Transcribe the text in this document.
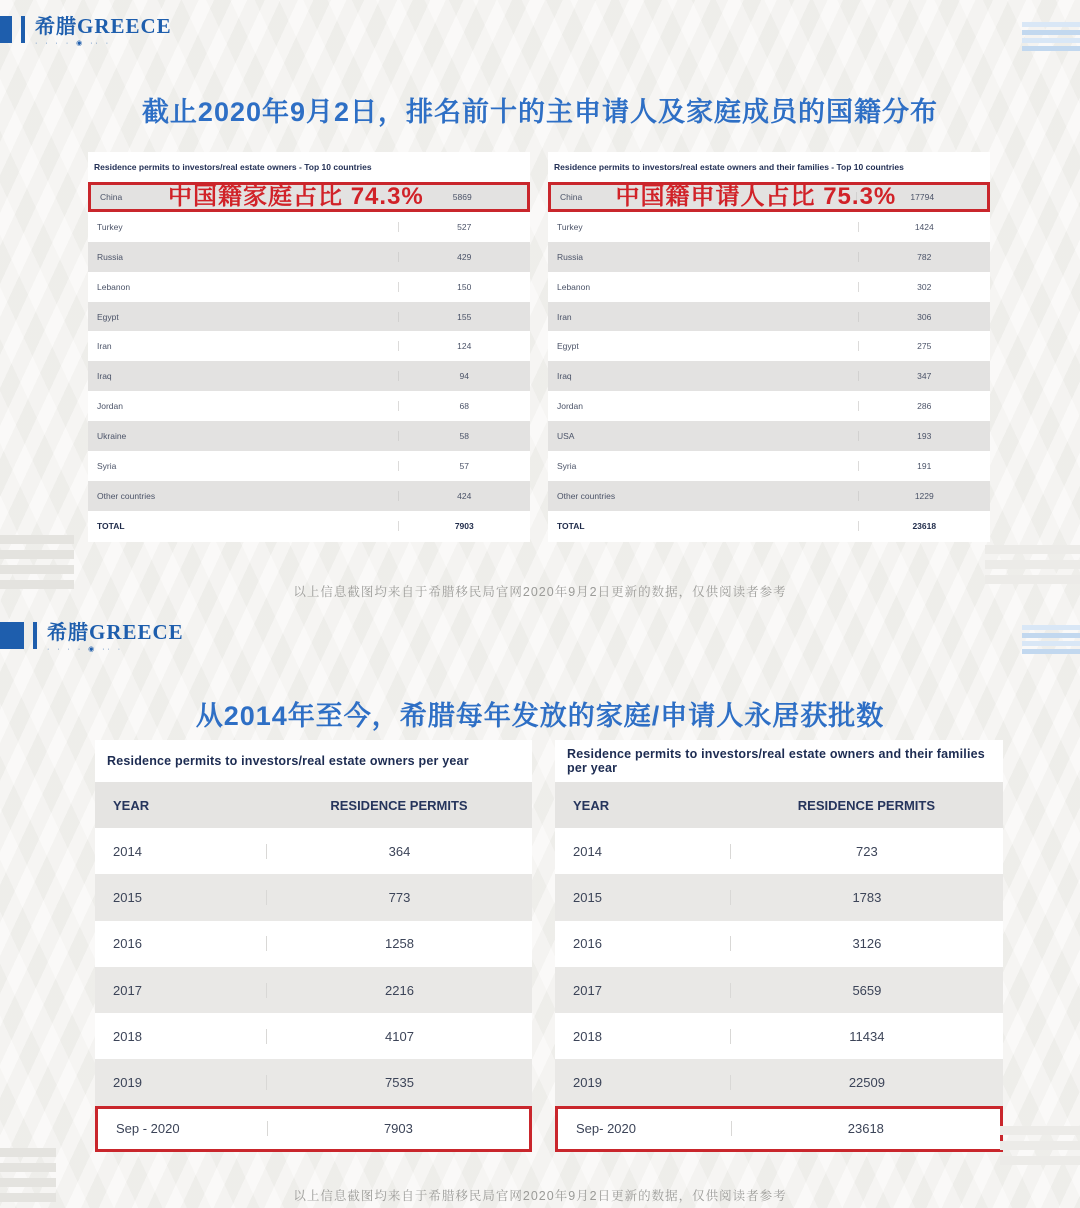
希腊 GREECE
· · · · ◉ ·· ·
截止2020年9月2日，排名前十的主申请人及家庭成员的国籍分布
Residence permits to investors/real estate owners - Top 10 countries
China	中国籍家庭占比 74.3%	5869
Turkey	527
Russia	429
Lebanon	150
Egypt	155
Iran	124
Iraq	94
Jordan	68
Ukraine	58
Syria	57
Other countries	424
TOTAL	7903
Residence permits to investors/real estate owners and their families - Top 10 countries
China	中国籍申请人占比 75.3%	17794
Turkey	1424
Russia	782
Lebanon	302
Iran	306
Egypt	275
Iraq	347
Jordan	286
USA	193
Syria	191
Other countries	1229
TOTAL	23618

以上信息截图均来自于希腊移民局官网2020年9月2日更新的数据，仅供阅读者参考

希腊 GREECE
· · · · ◉ ·· ·
从2014年至今，希腊每年发放的家庭/申请人永居获批数
Residence permits to investors/real estate owners per year
YEAR	RESIDENCE PERMITS
2014	364
2015	773
2016	1258
2017	2216
2018	4107
2019	7535
Sep - 2020	7903
Residence permits to investors/real estate owners and their families per year
YEAR	RESIDENCE PERMITS
2014	723
2015	1783
2016	3126
2017	5659
2018	11434
2019	22509
Sep- 2020	23618

以上信息截图均来自于希腊移民局官网2020年9月2日更新的数据，仅供阅读者参考
